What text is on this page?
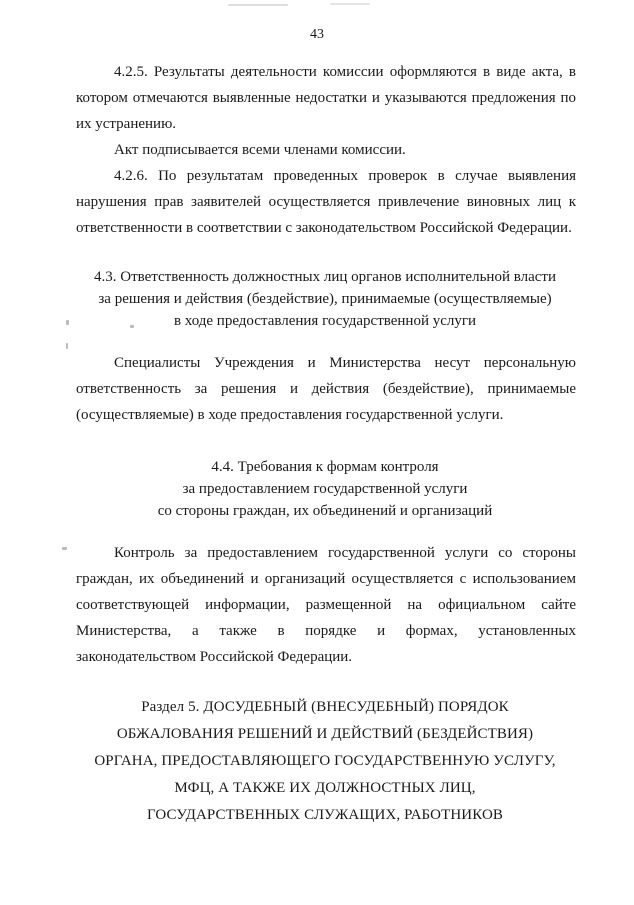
43

4.2.5. Результаты деятельности комиссии оформляются в виде акта, в котором отмечаются выявленные недостатки и указываются предложения по их устранению.

Акт подписывается всеми членами комиссии.

4.2.6. По результатам проведенных проверок в случае выявления нарушения прав заявителей осуществляется привлечение виновных лиц к ответственности в соответствии с законодательством Российской Федерации.

4.3. Ответственность должностных лиц органов исполнительной власти
за решения и действия (бездействие), принимаемые (осуществляемые)
в ходе предоставления государственной услуги

Специалисты Учреждения и Министерства несут персональную ответственность за решения и действия (бездействие), принимаемые (осуществляемые) в ходе предоставления государственной услуги.

4.4. Требования к формам контроля
за предоставлением государственной услуги
со стороны граждан, их объединений и организаций

Контроль за предоставлением государственной услуги со стороны граждан, их объединений и организаций осуществляется с использованием соответствующей информации, размещенной на официальном сайте Министерства, а также в порядке и формах, установленных законодательством Российской Федерации.

Раздел 5. ДОСУДЕБНЫЙ (ВНЕСУДЕБНЫЙ) ПОРЯДОК
ОБЖАЛОВАНИЯ РЕШЕНИЙ И ДЕЙСТВИЙ (БЕЗДЕЙСТВИЯ)
ОРГАНА, ПРЕДОСТАВЛЯЮЩЕГО ГОСУДАРСТВЕННУЮ УСЛУГУ,
МФЦ, А ТАКЖЕ ИХ ДОЛЖНОСТНЫХ ЛИЦ,
ГОСУДАРСТВЕННЫХ СЛУЖАЩИХ, РАБОТНИКОВ
